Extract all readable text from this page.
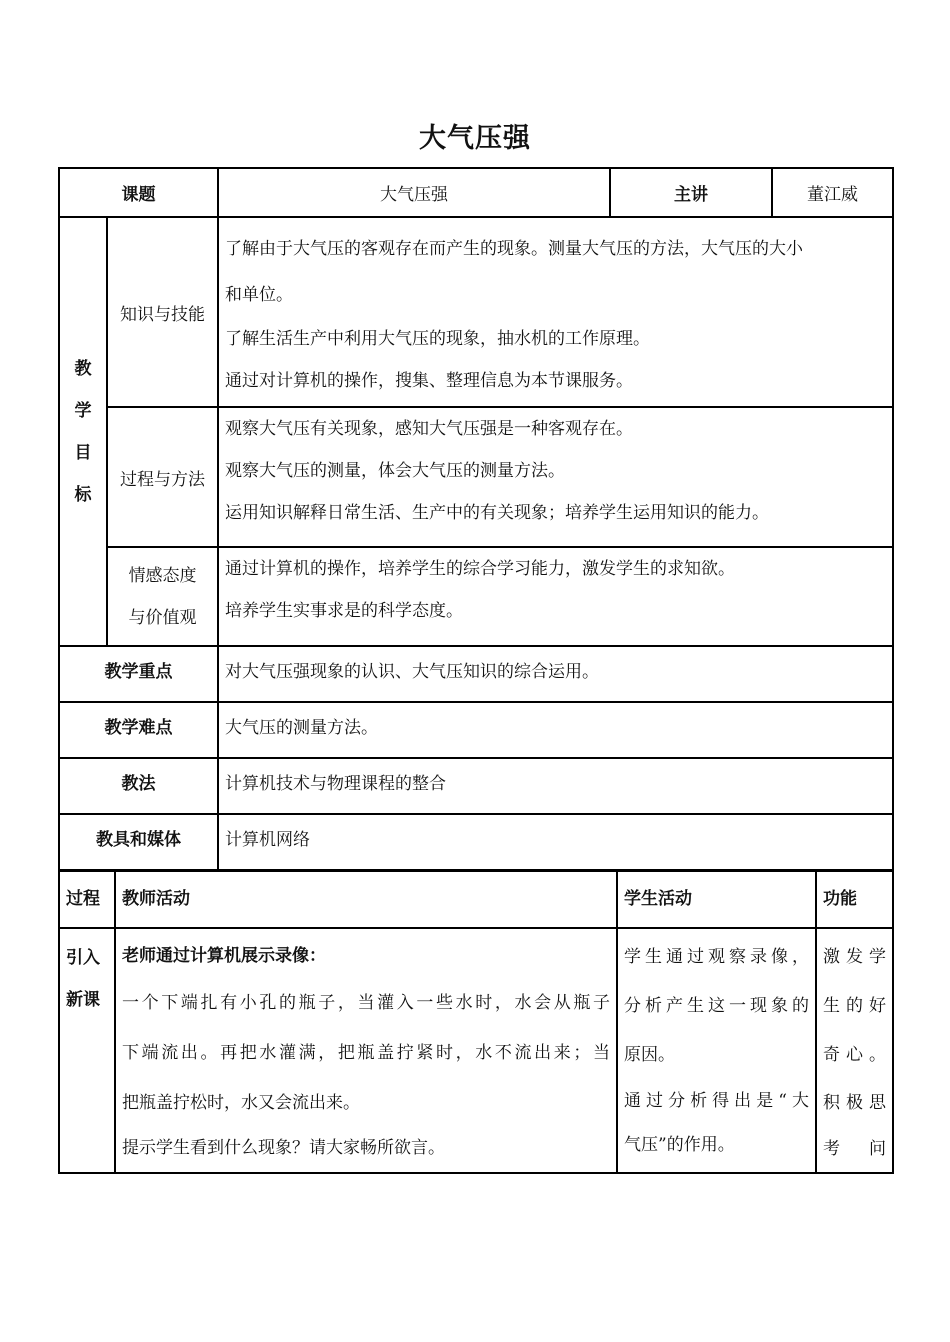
大气压强
课题		大气压强	主讲	董江威

教
学
目
标	知识与技能	了解由于大气压的客观存在而产生的现象。测量大气压的方法，大气压的大小
和单位。
了解生活生产中利用大气压的现象，抽水机的工作原理。
通过对计算机的操作，搜集、整理信息为本节课服务。		

	过程与方法	观察大气压有关现象，感知大气压强是一种客观存在。
观察大气压的测量，体会大气压的测量方法。
运用知识解释日常生活、生产中的有关现象；培养学生运用知识的能力。		

	情感态度
与价值观	通过计算机的操作，培养学生的综合学习能力，激发学生的求知欲。
培养学生实事求是的科学态度。		

教学重点		对大气压强现象的认识、大气压知识的综合运用。		
教学难点		大气压的测量方法。		
教法		计算机技术与物理课程的整合		
教具和媒体		计算机网络		
过程	教师活动	学生活动	功能

引入
新课	老师通过计算机展示录像：
一个下端扎有小孔的瓶子，当灌入一些水时，水会从瓶子
下端流出。再把水灌满，把瓶盖拧紧时，水不流出来；当
把瓶盖拧松时，水又会流出来。
提示学生看到什么现象？请大家畅所欲言。	学生通过观察录像，
分析产生这一现象的
原因。
通过分析得出是“大
气压”的作用。	激发学
生的好
奇心。
积极思
考　问
